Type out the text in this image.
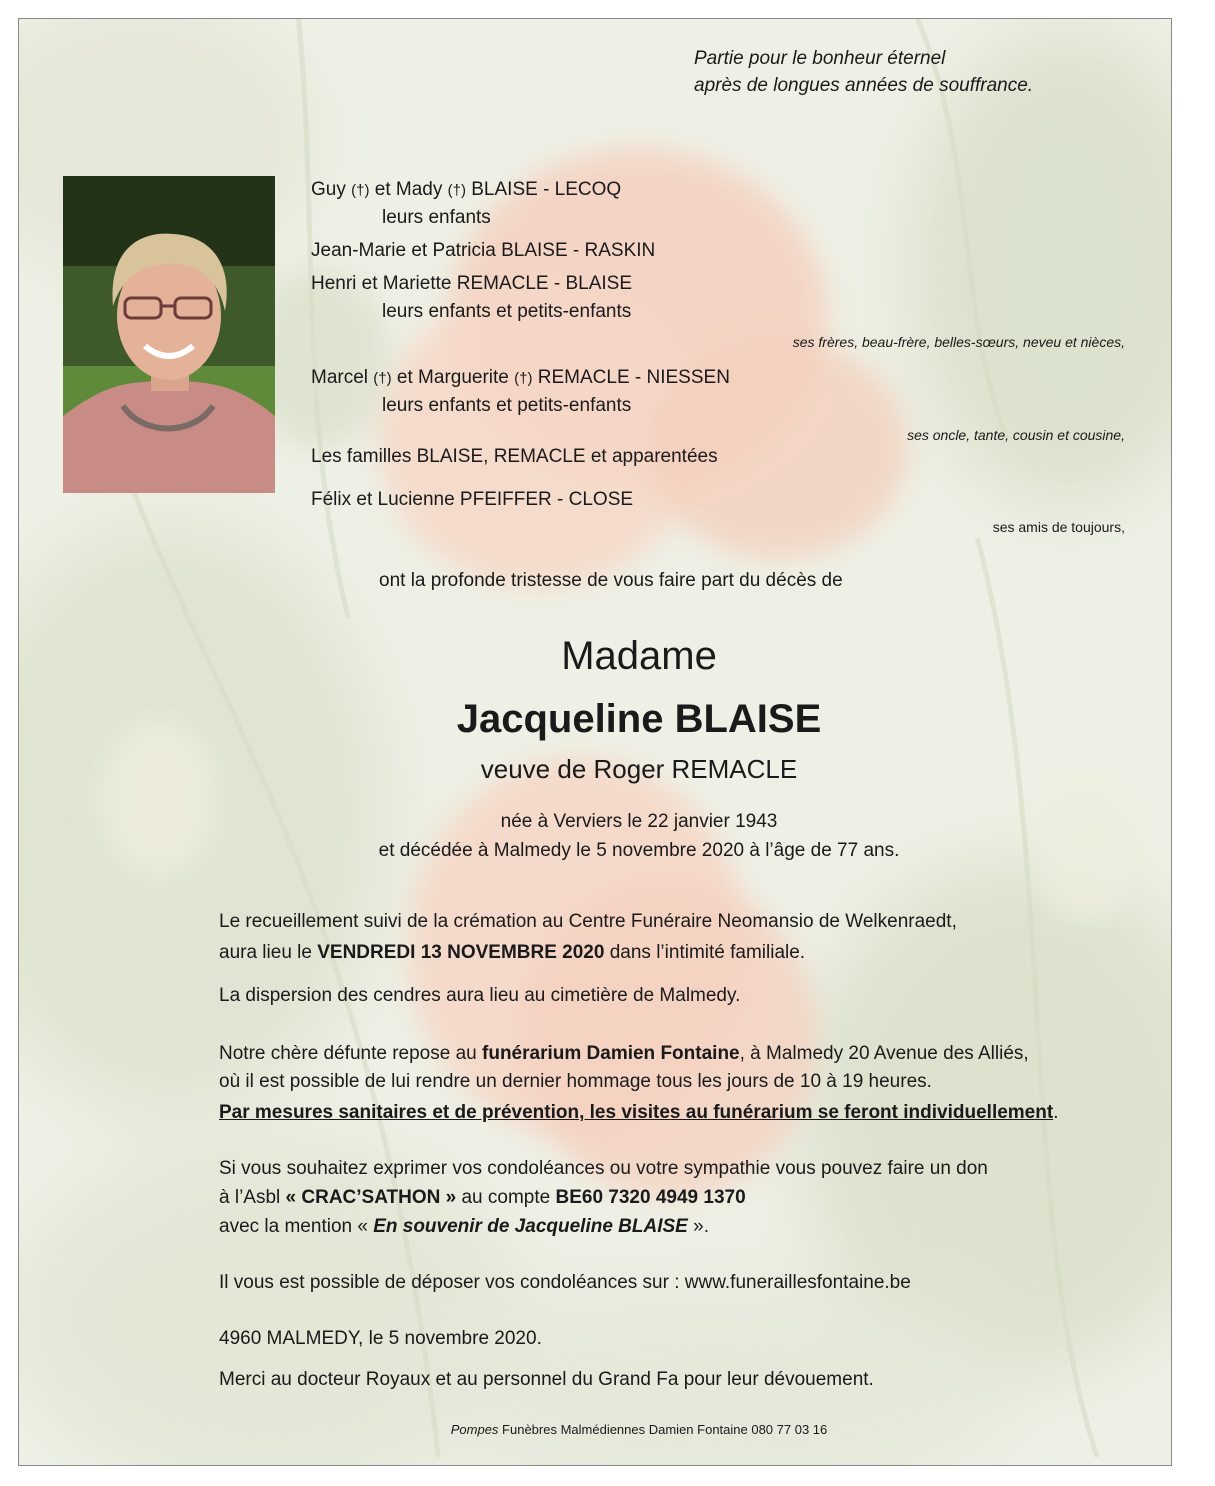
Partie pour le bonheur éternel
après de longues années de souffrance.
Guy (†) et Mady (†) BLAISE - LECOQ
leurs enfants
Jean-Marie et Patricia BLAISE - RASKIN
Henri et Mariette REMACLE - BLAISE
leurs enfants et petits-enfants
ses frères, beau-frère, belles-sœurs, neveu et nièces,
Marcel (†) et Marguerite (†) REMACLE - NIESSEN
leurs enfants et petits-enfants
ses oncle, tante, cousin et cousine,
Les familles BLAISE, REMACLE et apparentées
Félix et Lucienne PFEIFFER - CLOSE
ses amis de toujours,
ont la profonde tristesse de vous faire part du décès de
Madame
Jacqueline BLAISE
veuve de Roger REMACLE
née à Verviers le 22 janvier 1943
et décédée à Malmedy le 5 novembre 2020 à l’âge de 77 ans.
Le recueillement suivi de la crémation au Centre Funéraire Neomansio de Welkenraedt,
aura lieu le VENDREDI 13 NOVEMBRE 2020 dans l’intimité familiale.
La dispersion des cendres aura lieu au cimetière de Malmedy.
Notre chère défunte repose au funérarium Damien Fontaine, à Malmedy 20 Avenue des Alliés,
où il est possible de lui rendre un dernier hommage tous les jours de 10 à 19 heures.
Par mesures sanitaires et de prévention, les visites au funérarium se feront individuellement.
Si vous souhaitez exprimer vos condoléances ou votre sympathie vous pouvez faire un don
à l’Asbl « CRAC’SATHON » au compte BE60 7320 4949 1370
avec la mention « En souvenir de Jacqueline BLAISE ».
Il vous est possible de déposer vos condoléances sur : www.funeraillesfontaine.be
4960 MALMEDY, le 5 novembre 2020.
Merci au docteur Royaux et au personnel du Grand Fa pour leur dévouement.
Pompes Funèbres Malmédiennes Damien Fontaine 080 77 03 16
